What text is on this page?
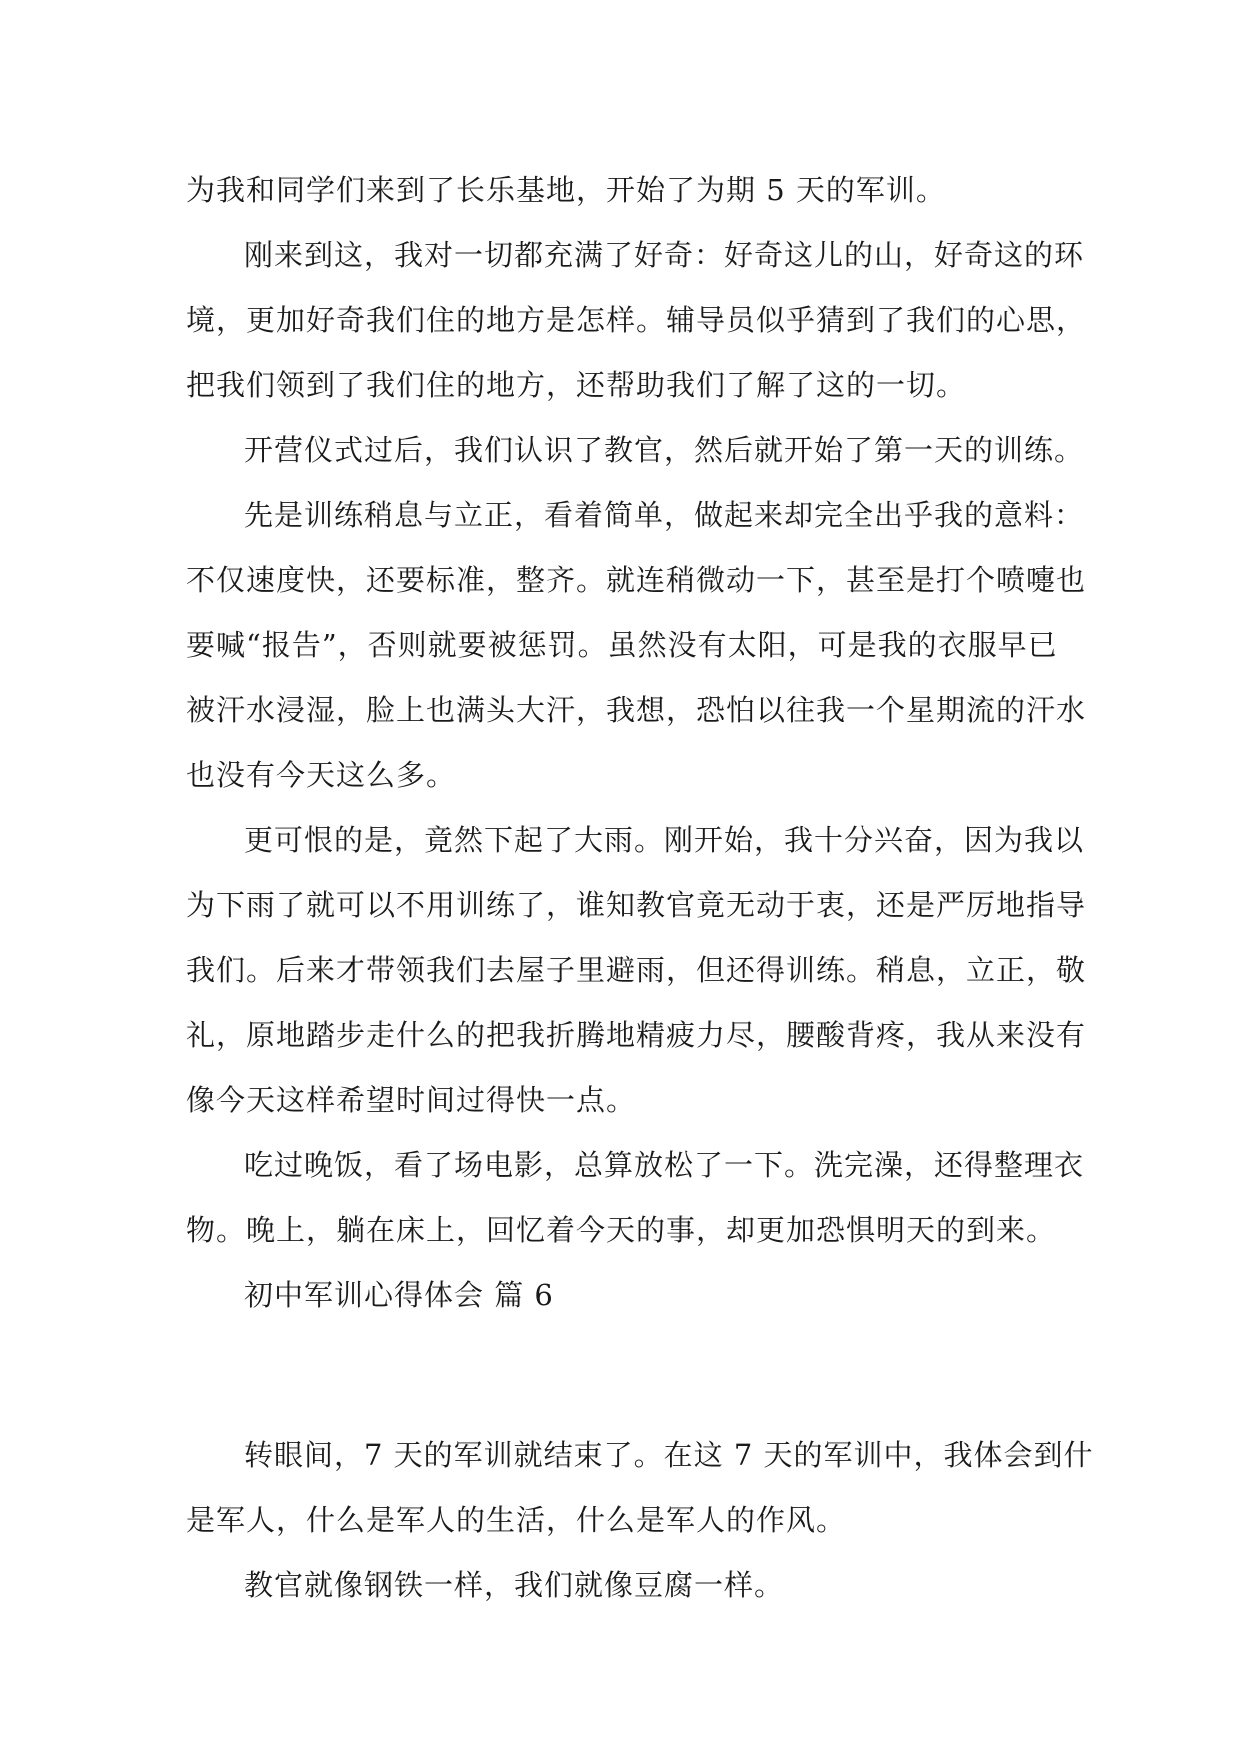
为我和同学们来到了长乐基地，开始了为期 5 天的军训。
刚来到这，我对一切都充满了好奇：好奇这儿的山，好奇这的环
境，更加好奇我们住的地方是怎样。辅导员似乎猜到了我们的心思，
把我们领到了我们住的地方，还帮助我们了解了这的一切。
开营仪式过后，我们认识了教官，然后就开始了第一天的训练。
先是训练稍息与立正，看着简单，做起来却完全出乎我的意料：
不仅速度快，还要标准，整齐。就连稍微动一下，甚至是打个喷嚏也
要喊“报告”，否则就要被惩罚。虽然没有太阳，可是我的衣服早已
被汗水浸湿，脸上也满头大汗，我想，恐怕以往我一个星期流的汗水
也没有今天这么多。
更可恨的是，竟然下起了大雨。刚开始，我十分兴奋，因为我以
为下雨了就可以不用训练了，谁知教官竟无动于衷，还是严厉地指导
我们。后来才带领我们去屋子里避雨，但还得训练。稍息，立正，敬
礼，原地踏步走什么的把我折腾地精疲力尽，腰酸背疼，我从来没有
像今天这样希望时间过得快一点。
吃过晚饭，看了场电影，总算放松了一下。洗完澡，还得整理衣
物。晚上，躺在床上，回忆着今天的事，却更加恐惧明天的到来。
初中军训心得体会 篇 6
转眼间，7 天的军训就结束了。在这 7 天的军训中，我体会到什
是军人，什么是军人的生活，什么是军人的作风。
教官就像钢铁一样，我们就像豆腐一样。
